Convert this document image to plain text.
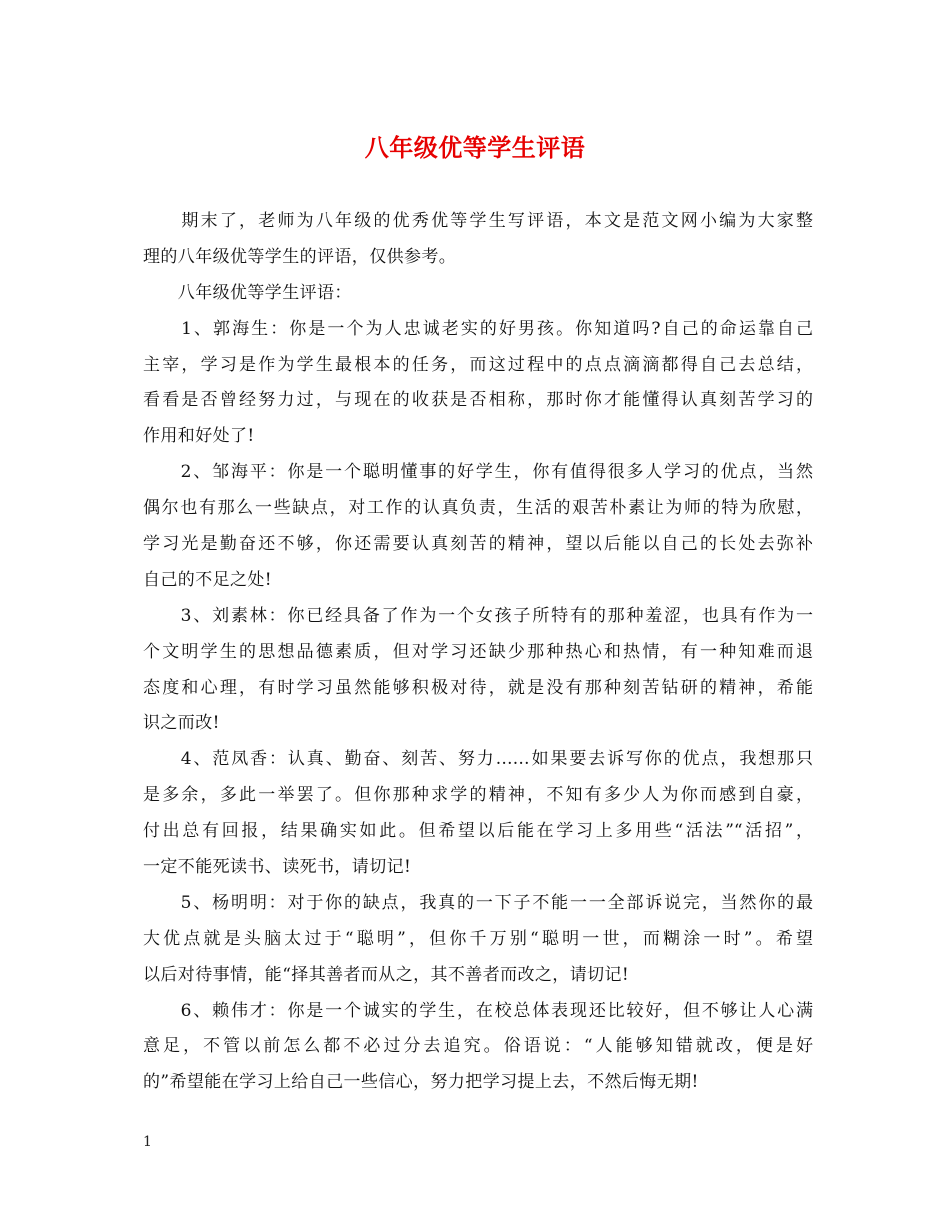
八年级优等学生评语
　　期末了，老师为八年级的优秀优等学生写评语，本文是范文网小编为大家整
理的八年级优等学生的评语，仅供参考。
　　八年级优等学生评语：
　　1、郭海生：你是一个为人忠诚老实的好男孩。你知道吗?自己的命运靠自己
主宰，学习是作为学生最根本的任务，而这过程中的点点滴滴都得自己去总结，
看看是否曾经努力过，与现在的收获是否相称，那时你才能懂得认真刻苦学习的
作用和好处了!
　　2、邹海平：你是一个聪明懂事的好学生，你有值得很多人学习的优点，当然
偶尔也有那么一些缺点，对工作的认真负责，生活的艰苦朴素让为师的特为欣慰，
学习光是勤奋还不够，你还需要认真刻苦的精神，望以后能以自己的长处去弥补
自己的不足之处!
　　3、刘素林：你已经具备了作为一个女孩子所特有的那种羞涩，也具有作为一
个文明学生的思想品德素质，但对学习还缺少那种热心和热情，有一种知难而退
态度和心理，有时学习虽然能够积极对待，就是没有那种刻苦钻研的精神，希能
识之而改!
　　4、范凤香：认真、勤奋、刻苦、努力……如果要去诉写你的优点，我想那只
是多余，多此一举罢了。但你那种求学的精神，不知有多少人为你而感到自豪，
付出总有回报，结果确实如此。但希望以后能在学习上多用些“活法”“活招”，
一定不能死读书、读死书，请切记!
　　5、杨明明：对于你的缺点，我真的一下子不能一一全部诉说完，当然你的最
大优点就是头脑太过于“聪明”，但你千万别“聪明一世，而糊涂一时”。希望
以后对待事情，能“择其善者而从之，其不善者而改之，请切记!
　　6、赖伟才：你是一个诚实的学生，在校总体表现还比较好，但不够让人心满
意足，不管以前怎么都不必过分去追究。俗语说：“人能够知错就改，便是好
的”希望能在学习上给自己一些信心，努力把学习提上去，不然后悔无期!
1
